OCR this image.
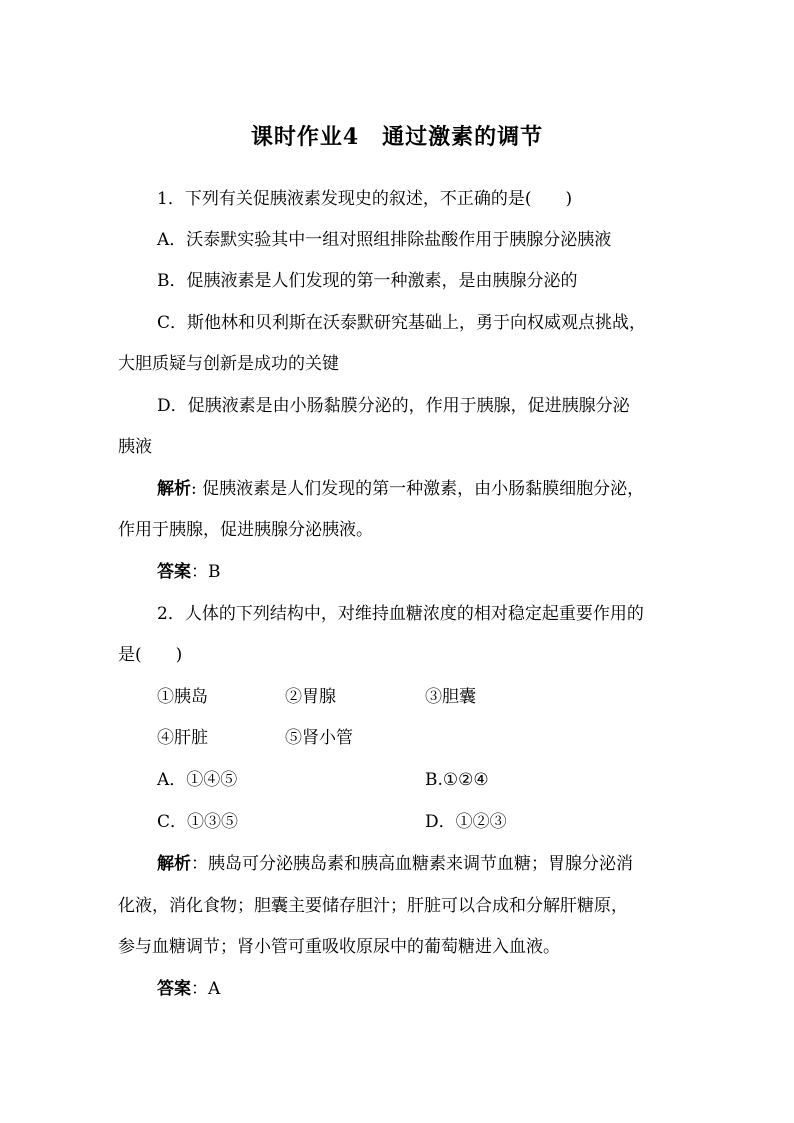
课时作业4　通过激素的调节
1．下列有关促胰液素发现史的叙述，不正确的是(　　)
A．沃泰默实验其中一组对照组排除盐酸作用于胰腺分泌胰液
B．促胰液素是人们发现的第一种激素，是由胰腺分泌的
C．斯他林和贝利斯在沃泰默研究基础上，勇于向权威观点挑战，
大胆质疑与创新是成功的关键
D．促胰液素是由小肠黏膜分泌的，作用于胰腺，促进胰腺分泌
胰液
解析: 促胰液素是人们发现的第一种激素，由小肠黏膜细胞分泌，
作用于胰腺，促进胰腺分泌胰液。
答案：B
2．人体的下列结构中，对维持血糖浓度的相对稳定起重要作用的
是(　　)
①胰岛	②胃腺	③胆囊
④肝脏	⑤肾小管
A．①④⑤	B.①②④
C．①③⑤	D．①②③
解析：胰岛可分泌胰岛素和胰高血糖素来调节血糖；胃腺分泌消
化液，消化食物；胆囊主要储存胆汁；肝脏可以合成和分解肝糖原，
参与血糖调节；肾小管可重吸收原尿中的葡萄糖进入血液。
答案：A
